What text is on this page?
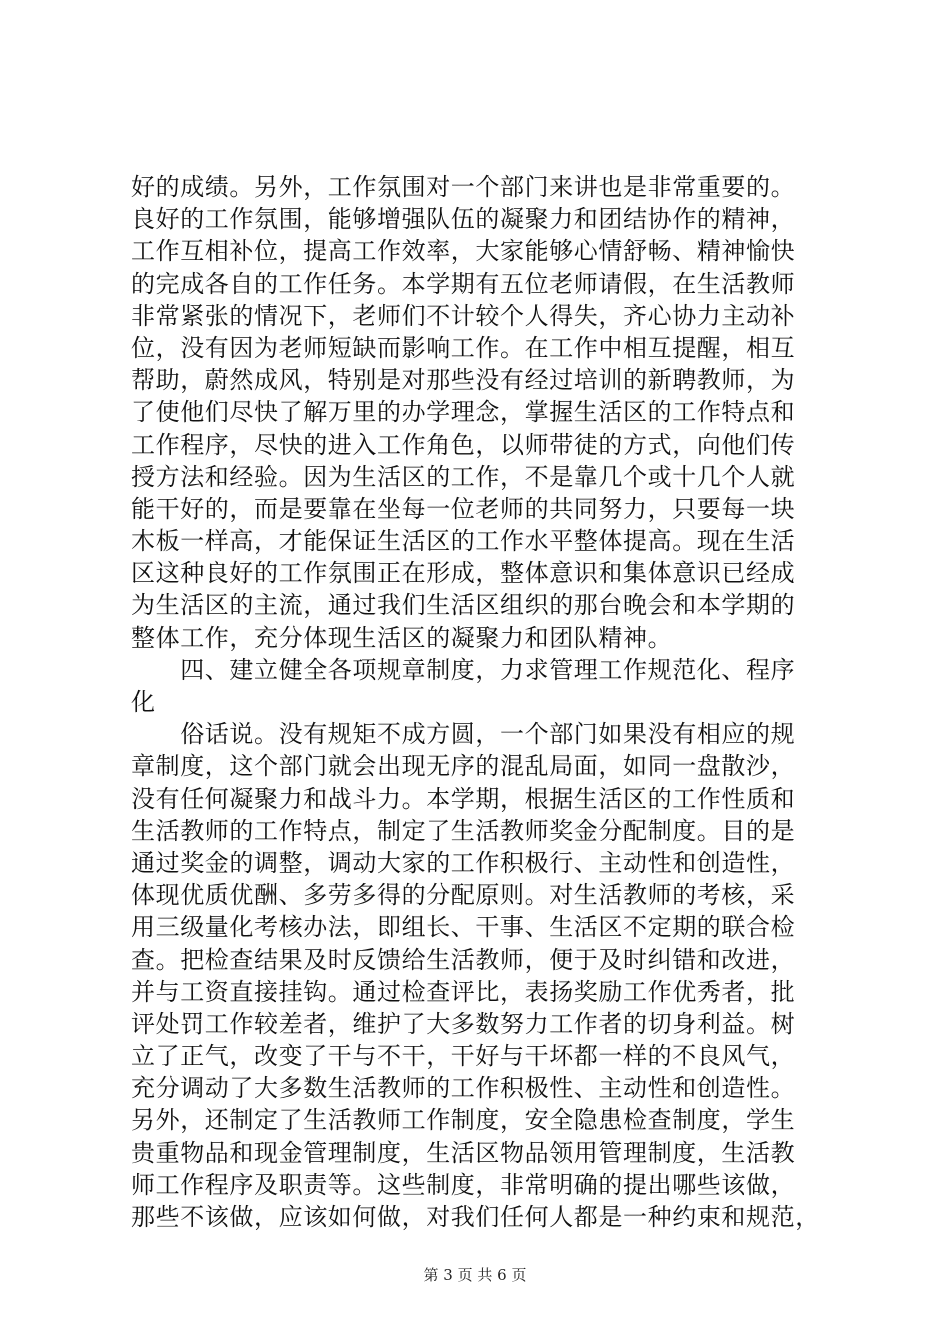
好的成绩。另外，工作氛围对一个部门来讲也是非常重要的。
良好的工作氛围，能够增强队伍的凝聚力和团结协作的精神，
工作互相补位，提高工作效率，大家能够心情舒畅、精神愉快
的完成各自的工作任务。本学期有五位老师请假，在生活教师
非常紧张的情况下，老师们不计较个人得失，齐心协力主动补
位，没有因为老师短缺而影响工作。在工作中相互提醒，相互
帮助，蔚然成风，特别是对那些没有经过培训的新聘教师，为
了使他们尽快了解万里的办学理念，掌握生活区的工作特点和
工作程序，尽快的进入工作角色，以师带徒的方式，向他们传
授方法和经验。因为生活区的工作，不是靠几个或十几个人就
能干好的，而是要靠在坐每一位老师的共同努力，只要每一块
木板一样高，才能保证生活区的工作水平整体提高。现在生活
区这种良好的工作氛围正在形成，整体意识和集体意识已经成
为生活区的主流，通过我们生活区组织的那台晚会和本学期的
整体工作，充分体现生活区的凝聚力和团队精神。
　　四、建立健全各项规章制度，力求管理工作规范化、程序
化
　　俗话说。没有规矩不成方圆，一个部门如果没有相应的规
章制度，这个部门就会出现无序的混乱局面，如同一盘散沙，
没有任何凝聚力和战斗力。本学期，根据生活区的工作性质和
生活教师的工作特点，制定了生活教师奖金分配制度。目的是
通过奖金的调整，调动大家的工作积极行、主动性和创造性，
体现优质优酬、多劳多得的分配原则。对生活教师的考核，采
用三级量化考核办法，即组长、干事、生活区不定期的联合检
查。把检查结果及时反馈给生活教师，便于及时纠错和改进，
并与工资直接挂钩。通过检查评比，表扬奖励工作优秀者，批
评处罚工作较差者，维护了大多数努力工作者的切身利益。树
立了正气，改变了干与不干，干好与干坏都一样的不良风气，
充分调动了大多数生活教师的工作积极性、主动性和创造性。
另外，还制定了生活教师工作制度，安全隐患检查制度，学生
贵重物品和现金管理制度，生活区物品领用管理制度，生活教
师工作程序及职责等。这些制度，非常明确的提出哪些该做，
那些不该做，应该如何做，对我们任何人都是一种约束和规范，
第 3 页 共 6 页
